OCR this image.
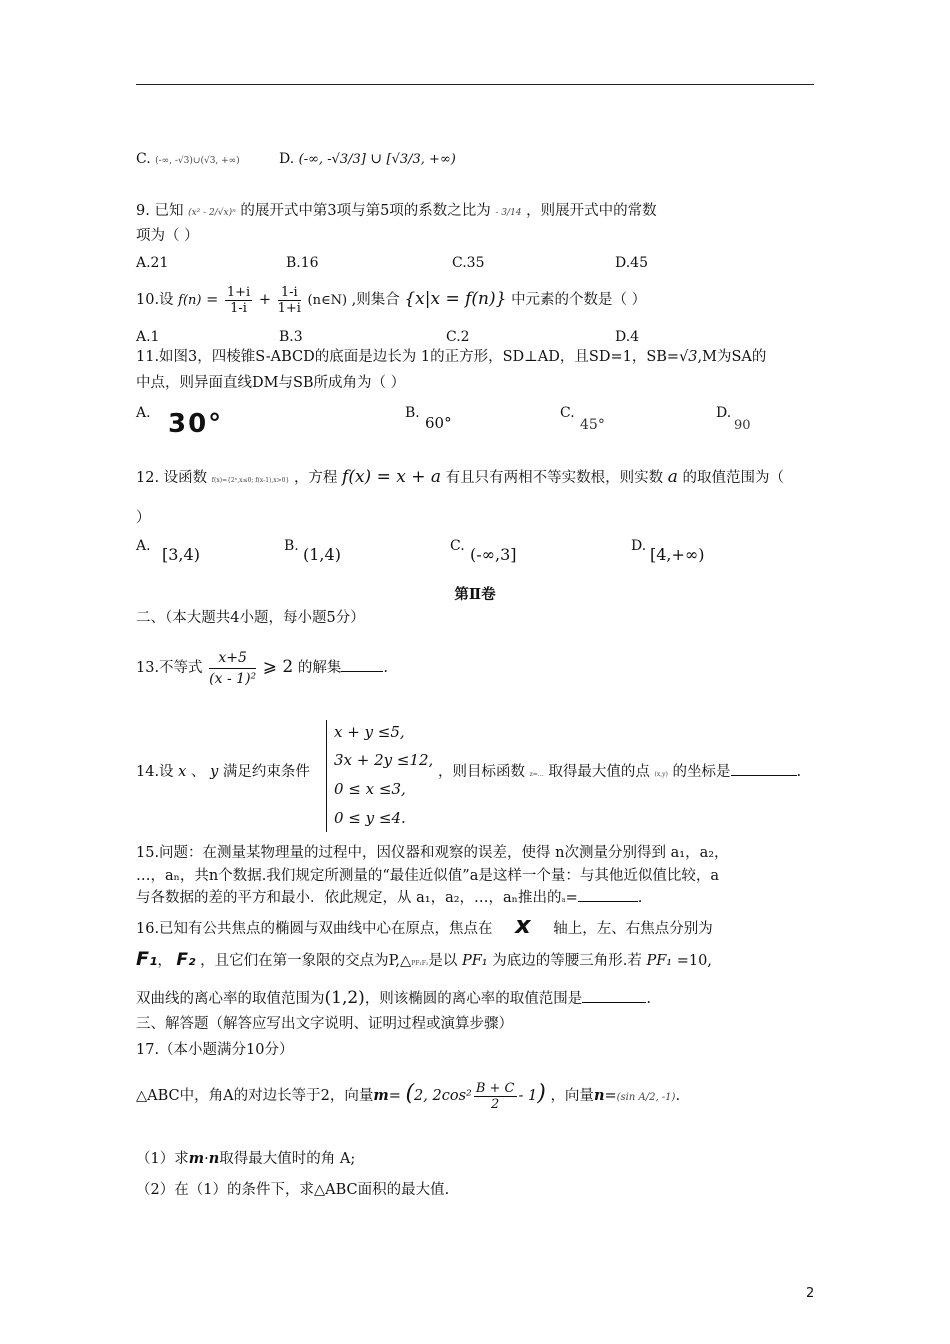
C. (-∞, -√3)∪(√3, +∞)	D. (-∞, -√3/3] ∪ [√3/3, +∞)
9. 已知 (x² - 2/√x)ⁿ 的展开式中第3项与第5项的系数之比为 - 3/14 ，则展开式中的常数
项为（ ）
A.21	B.16	C.35	D.45
10.设 $f(n) = \frac{1+i}{1-i} + \frac{1-i}{1+i}$ (n∈N) ,则集合 {x|x = f(n)} 中元素的个数是（ ）
A.1	B.3	C.2	D.4
11.如图3，四棱锥S-ABCD的底面是边长为 1的正方形，SD⊥AD，且SD=1，SB=√3,M为SA的
中点，则异面直线DM与SB所成角为（ ）
A. 30°	B.
60°
C.
45°
D.
90
12. 设函数 f(x)={2ˣ,x≤0; f(x-1),x>0} ，方程 f(x) = x + a 有且只有两相不等实数根，则实数 a 的取值范围为（
）
A. [3,4)	B. (1,4)	C. (-∞,3]	D. [4,+∞)
第Ⅱ卷
二、（本大题共4小题，每小题5分）
13.不等式 $\frac{x+5}{\text{(x - 1)²}}$ ⩾ 2 的解集	.
14.设 x 、 y 满足约束条件
x + y ≤5,
3x + 2y ≤12,
0 ≤ x ≤3,
0 ≤ y ≤4.
，则目标函数 z=… 取得最大值的点 (x,y) 的坐标是	.
15.问题：在测量某物理量的过程中，因仪器和观察的误差，使得 n次测量分别得到 a₁，a₂，
…，aₙ，共n个数据.我们规定所测量的“最佳近似值”a是这样一个量：与其他近似值比较，a
与各数据的差的平方和最小．依此规定，从 a₁，a₂，…，aₙ推出的a=	.
16.已知有公共焦点的椭圆与双曲线中心在原点，焦点在 x 轴上，左、右焦点分别为
F₁， F₂ ，且它们在第一象限的交点为P,△PF₁F₂是以 PF₁ 为底边的等腰三角形.若 PF₁ =10,
双曲线的离心率的取值范围为(1,2)，则该椭圆的离心率的取值范围是	.
三、解答题（解答应写出文字说明、证明过程或演算步骤）
17.（本小题满分10分）
△ABC中，角A的对边长等于2，向量m= (2, $2\cos^2 \frac{B + C}{2} - 1$) ，向量n=(sin A/2, -1).
（1）求m·n取得最大值时的角 A;
（2）在（1）的条件下，求△ABC面积的最大值.
2
